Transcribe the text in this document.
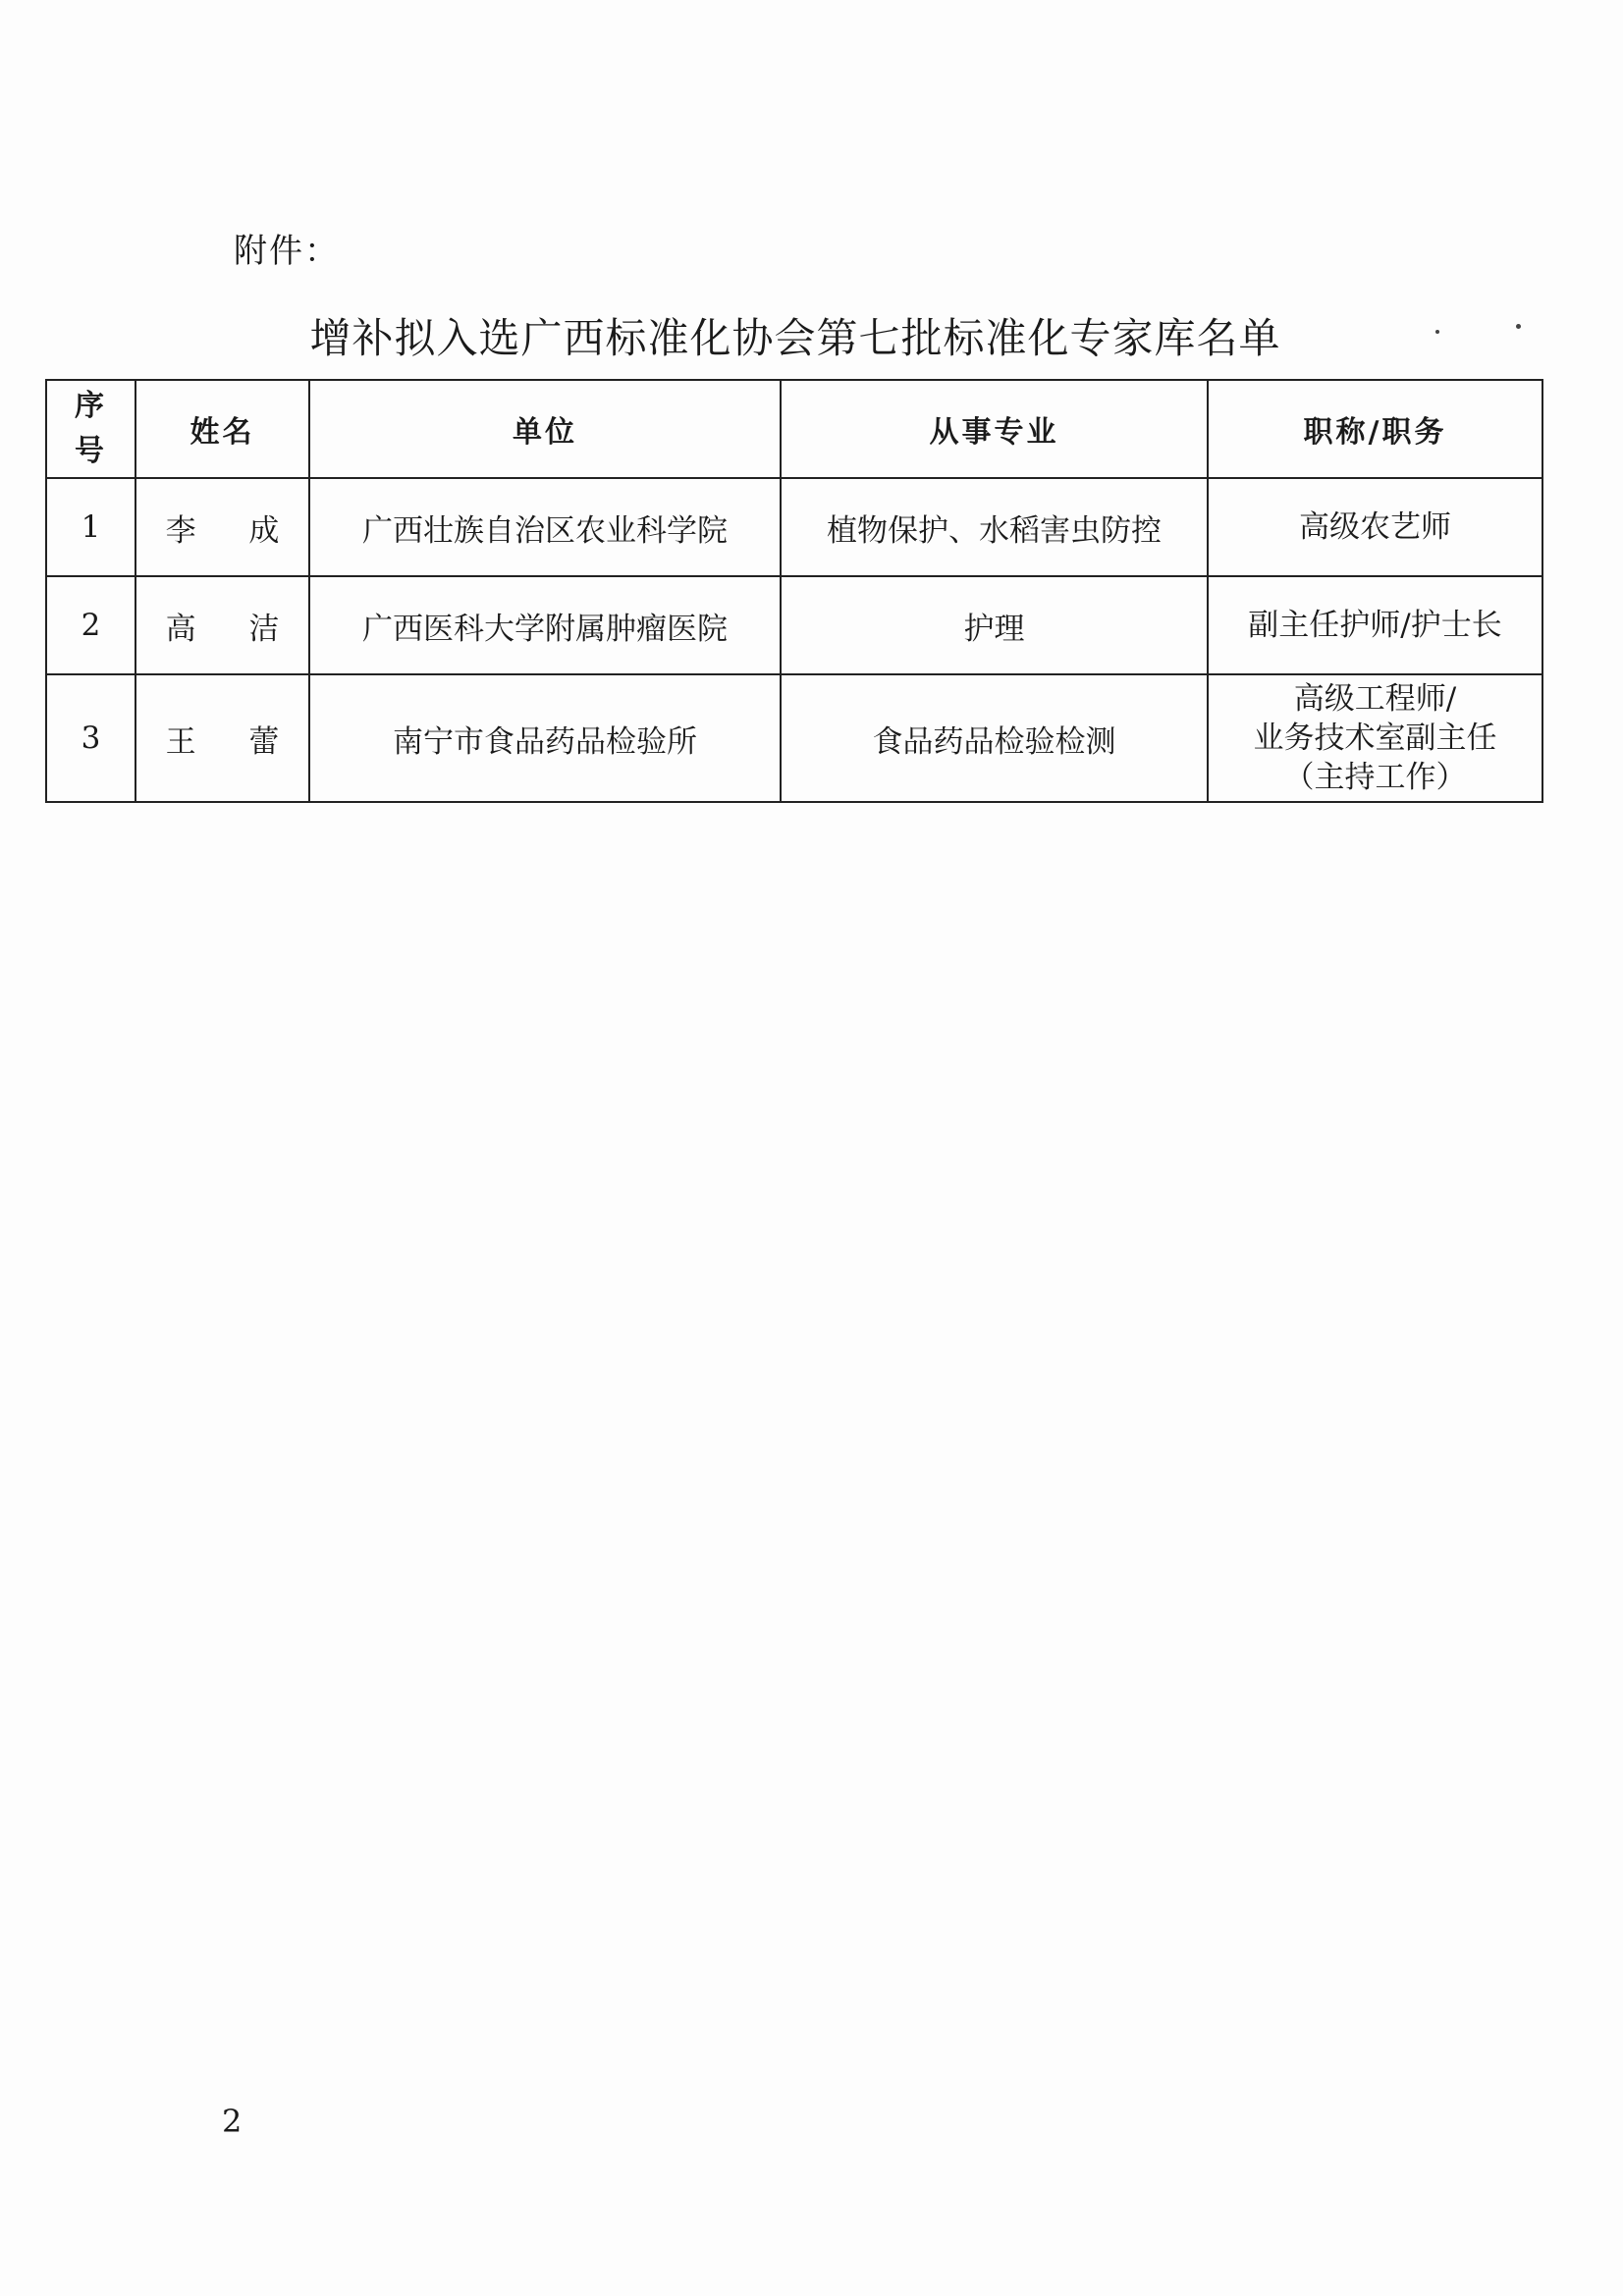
附件：
增补拟入选广西标准化协会第七批标准化专家库名单
序
号	姓名	单位	从事专业	职称/职务
1	李 成	广西壮族自治区农业科学院	植物保护、水稻害虫防控	高级农艺师

2	高 洁	广西医科大学附属肿瘤医院	护理	副主任护师/护士长

3	王 蕾	南宁市食品药品检验所	食品药品检验检测	高级工程师/
业务技术室副主任
（主持工作）
2
